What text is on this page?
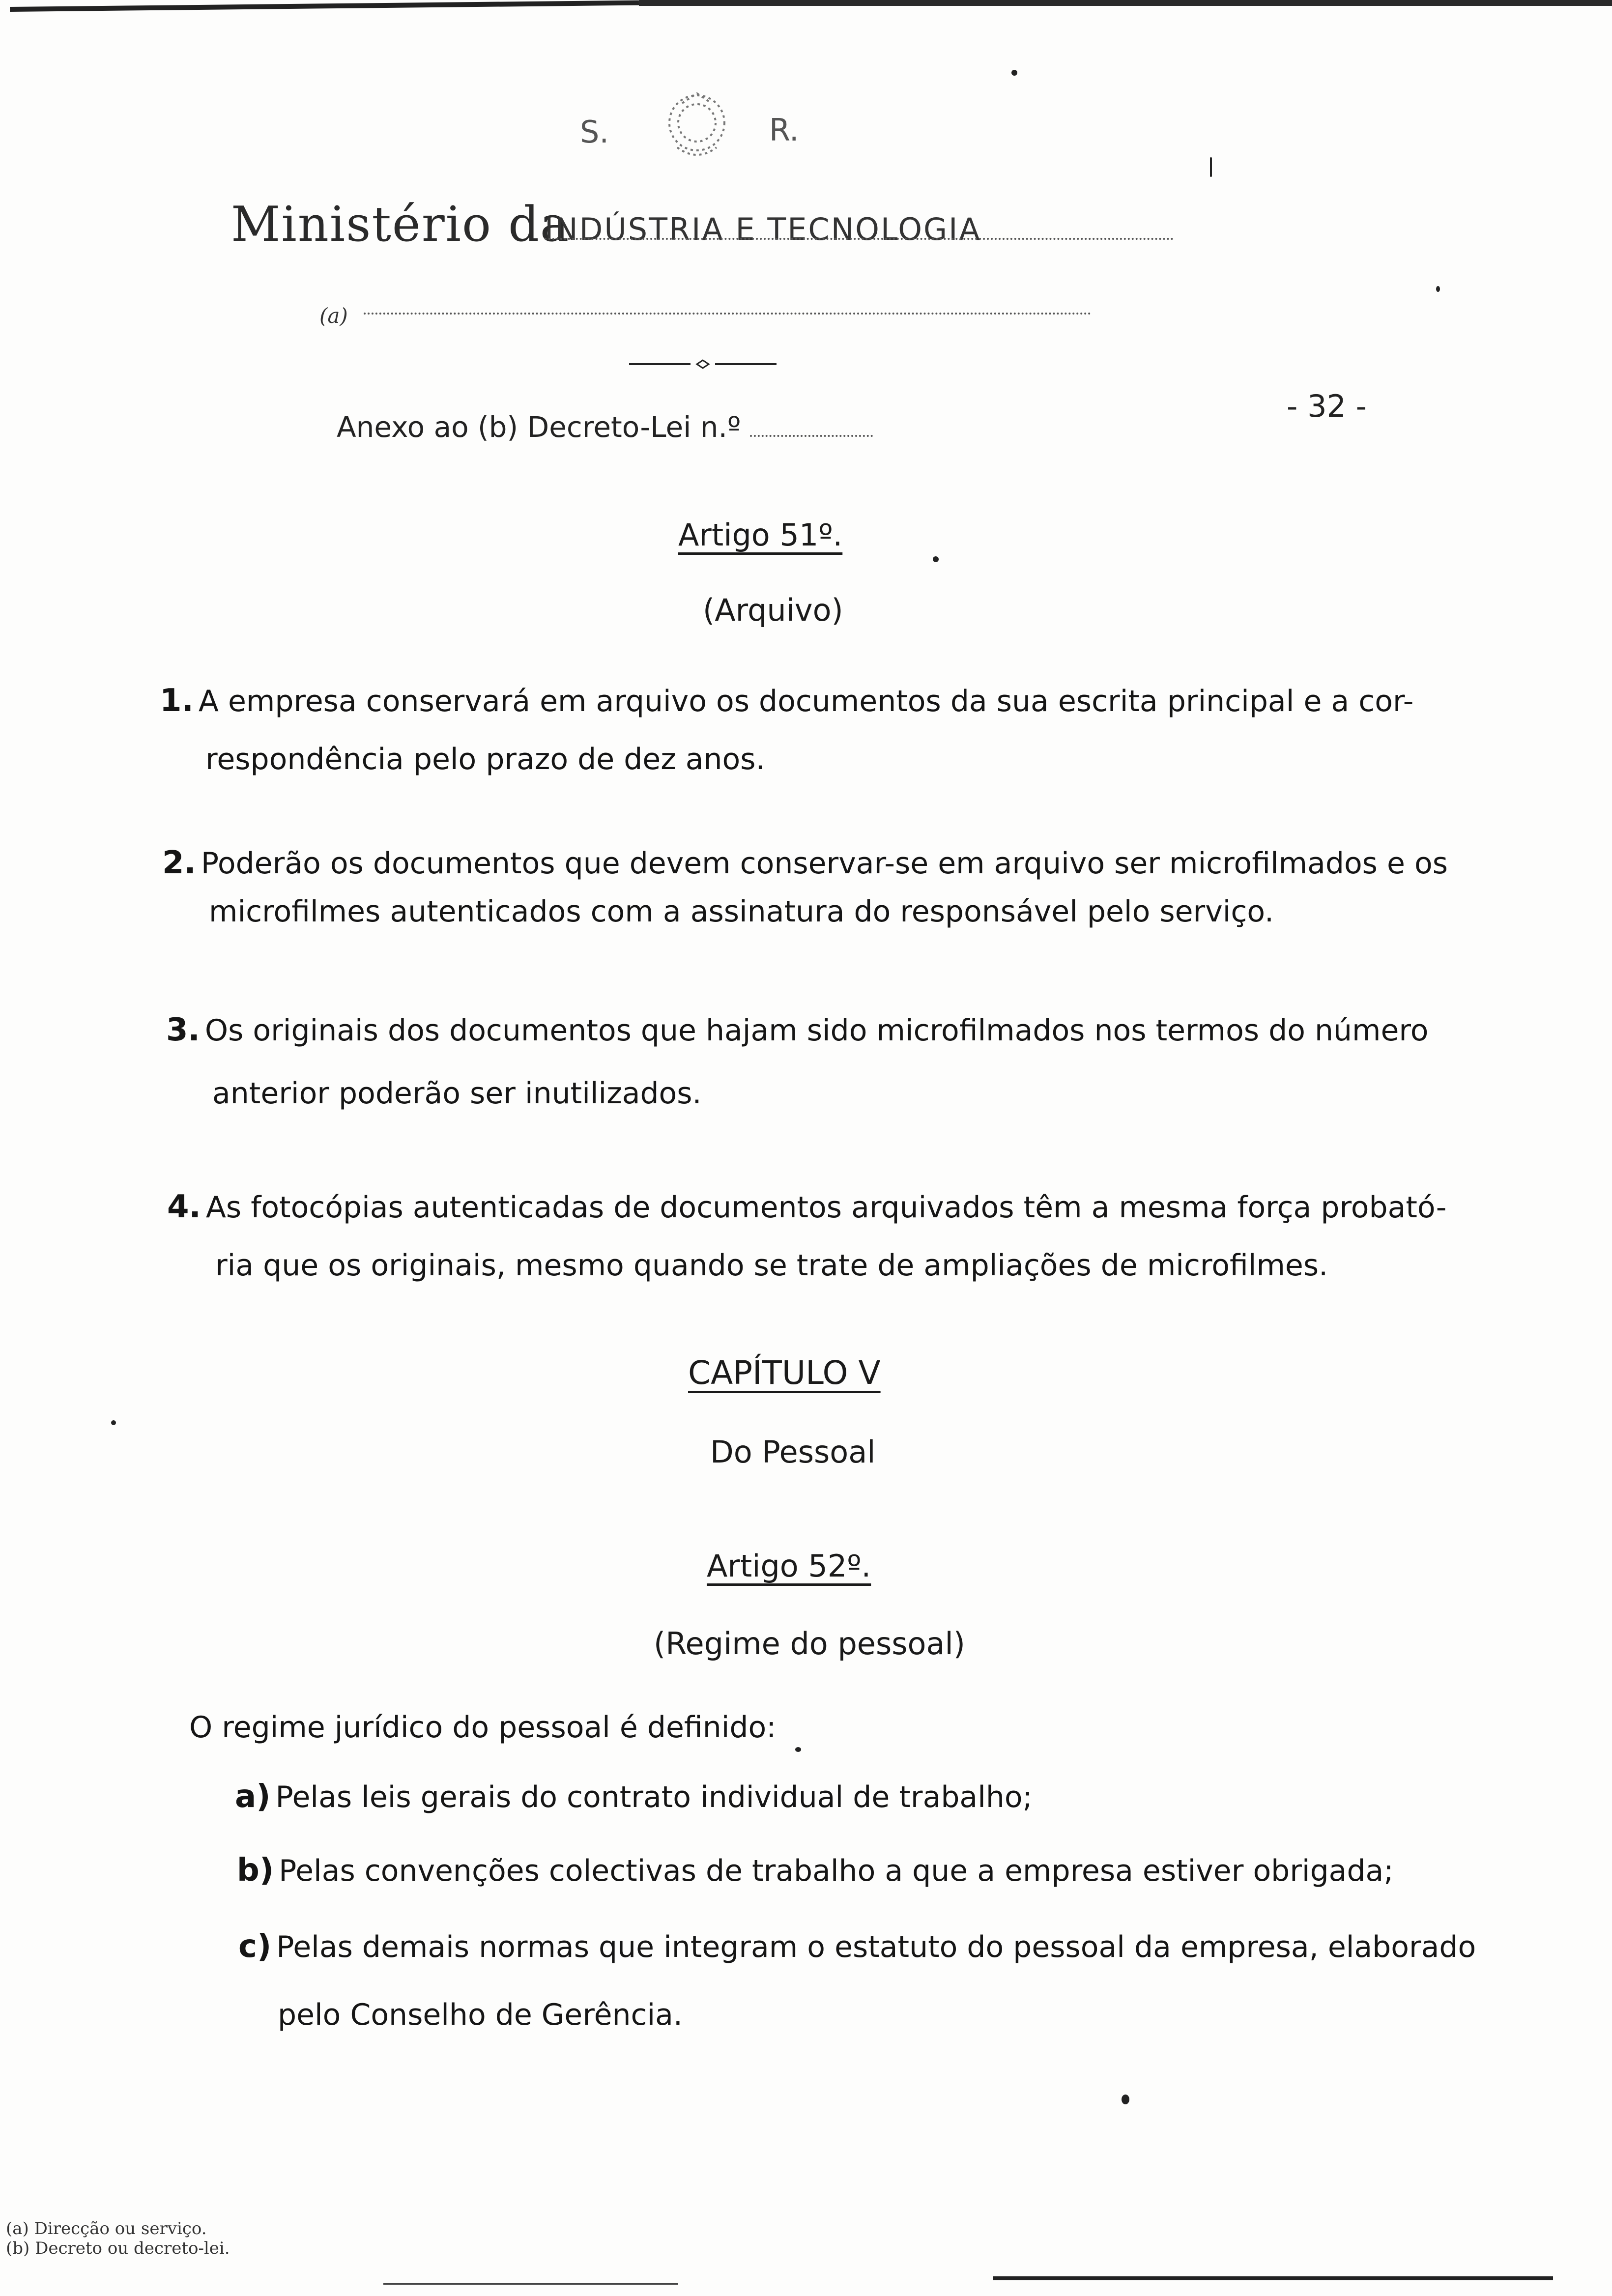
S.	R.
Ministério da
INDÚSTRIA E TECNOLOGIA
(a)
Anexo ao (b) Decreto-Lei n.º
- 32 -
Artigo 51º.
(Arquivo)
1. A empresa conservará em arquivo os documentos da sua escrita principal e a cor-
respondência pelo prazo de dez anos.
2. Poderão os documentos que devem conservar-se em arquivo ser microfilmados e os
microfilmes autenticados com a assinatura do responsável pelo serviço.
3. Os originais dos documentos que hajam sido microfilmados nos termos do número
anterior poderão ser inutilizados.
4. As fotocópias autenticadas de documentos arquivados têm a mesma força probató-
ria que os originais, mesmo quando se trate de ampliações de microfilmes.
CAPÍTULO V
Do Pessoal
Artigo 52º.
(Regime do pessoal)
O regime jurídico do pessoal é definido:
a) Pelas leis gerais do contrato individual de trabalho;
b) Pelas convenções colectivas de trabalho a que a empresa estiver obrigada;
c) Pelas demais normas que integram o estatuto do pessoal da empresa, elaborado
pelo Conselho de Gerência.
(a) Direcção ou serviço.
(b) Decreto ou decreto-lei.
